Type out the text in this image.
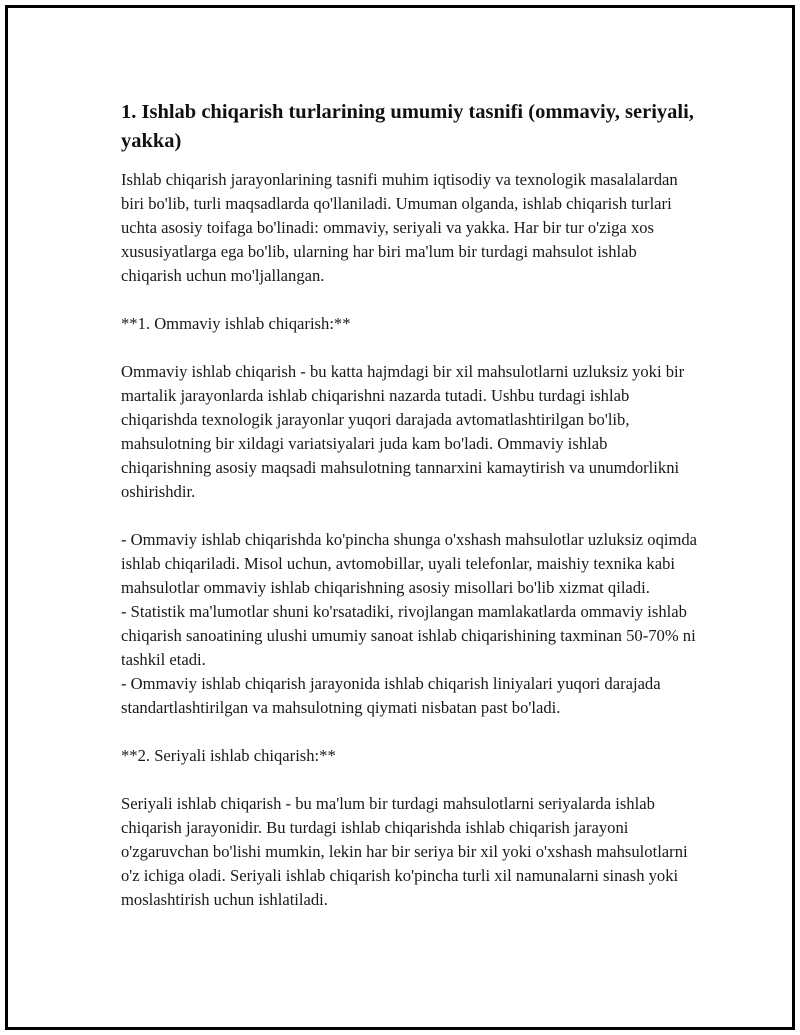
1. Ishlab chiqarish turlarining umumiy tasnifi (ommaviy, seriyali, yakka)

Ishlab chiqarish jarayonlarining tasnifi muhim iqtisodiy va texnologik masalalardan biri bo'lib, turli maqsadlarda qo'llaniladi. Umuman olganda, ishlab chiqarish turlari uchta asosiy toifaga bo'linadi: ommaviy, seriyali va yakka. Har bir tur o'ziga xos xususiyatlarga ega bo'lib, ularning har biri ma'lum bir turdagi mahsulot ishlab chiqarish uchun mo'ljallangan.

**1. Ommaviy ishlab chiqarish:**

Ommaviy ishlab chiqarish - bu katta hajmdagi bir xil mahsulotlarni uzluksiz yoki bir martalik jarayonlarda ishlab chiqarishni nazarda tutadi. Ushbu turdagi ishlab chiqarishda texnologik jarayonlar yuqori darajada avtomatlashtirilgan bo'lib, mahsulotning bir xildagi variatsiyalari juda kam bo'ladi. Ommaviy ishlab chiqarishning asosiy maqsadi mahsulotning tannarxini kamaytirish va unumdorlikni oshirishdir.

- Ommaviy ishlab chiqarishda ko'pincha shunga o'xshash mahsulotlar uzluksiz oqimda ishlab chiqariladi. Misol uchun, avtomobillar, uyali telefonlar, maishiy texnika kabi mahsulotlar ommaviy ishlab chiqarishning asosiy misollari bo'lib xizmat qiladi.

- Statistik ma'lumotlar shuni ko'rsatadiki, rivojlangan mamlakatlarda ommaviy ishlab chiqarish sanoatining ulushi umumiy sanoat ishlab chiqarishining taxminan 50-70% ni tashkil etadi.

- Ommaviy ishlab chiqarish jarayonida ishlab chiqarish liniyalari yuqori darajada standartlashtirilgan va mahsulotning qiymati nisbatan past bo'ladi.

**2. Seriyali ishlab chiqarish:**

Seriyali ishlab chiqarish - bu ma'lum bir turdagi mahsulotlarni seriyalarda ishlab chiqarish jarayonidir. Bu turdagi ishlab chiqarishda ishlab chiqarish jarayoni o'zgaruvchan bo'lishi mumkin, lekin har bir seriya bir xil yoki o'xshash mahsulotlarni o'z ichiga oladi. Seriyali ishlab chiqarish ko'pincha turli xil namunalarni sinash yoki moslashtirish uchun ishlatiladi.
